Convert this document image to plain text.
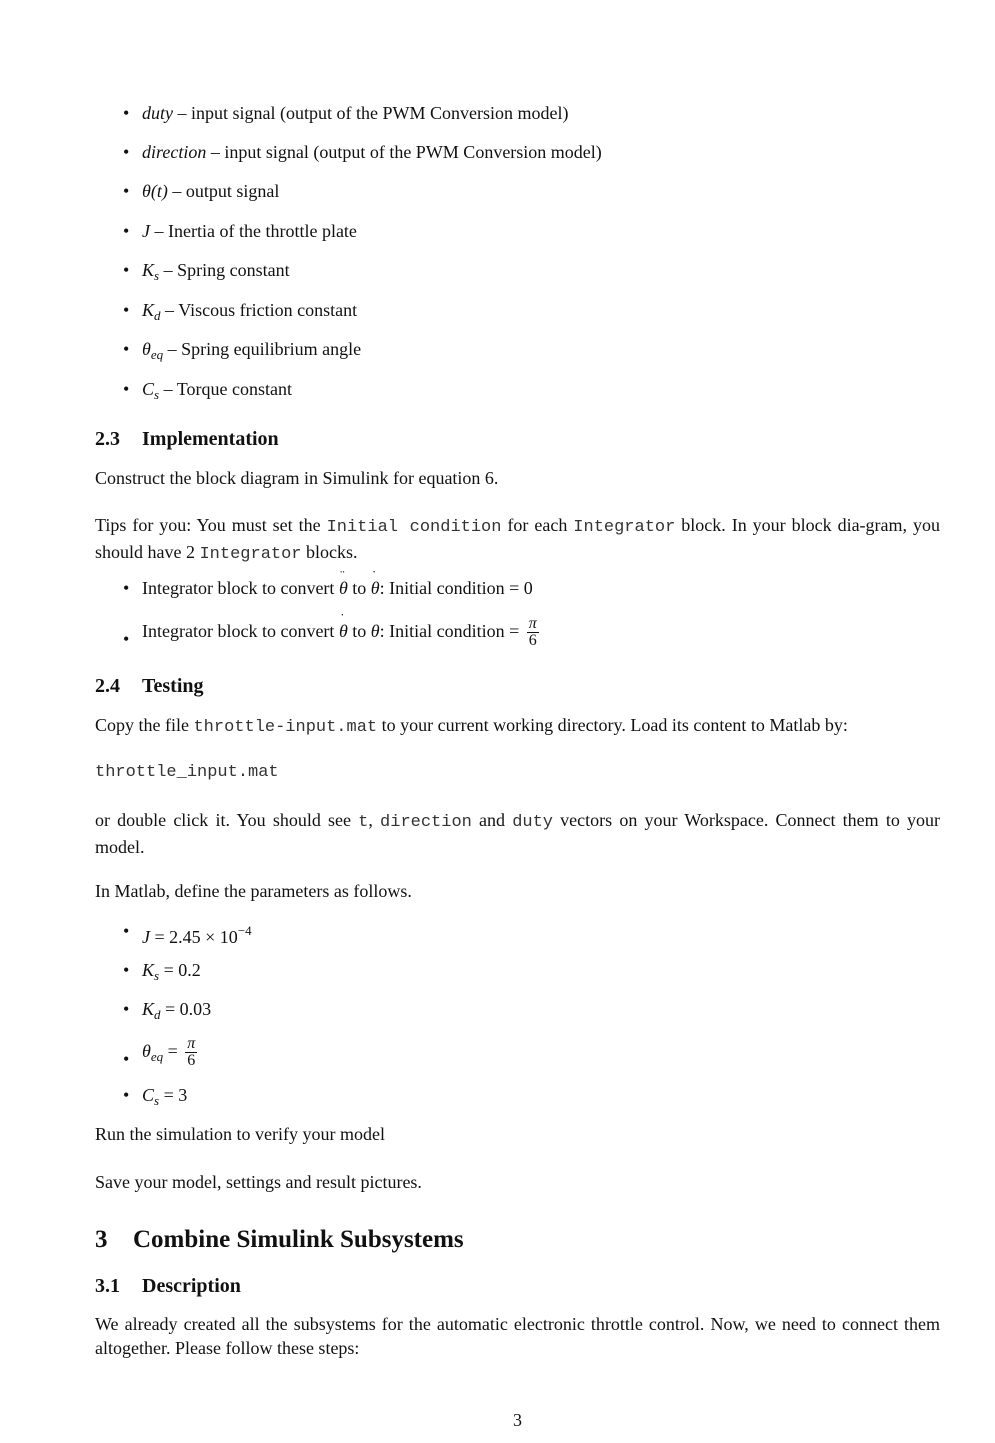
• duty – input signal (output of the PWM Conversion model)
• direction – input signal (output of the PWM Conversion model)
• θ(t) – output signal
• J – Inertia of the throttle plate
• $K_s$ – Spring constant
• $K_d$ – Viscous friction constant
• $\theta_{eq}$ – Spring equilibrium angle
• $C_s$ – Torque constant
2.3 Implementation
Construct the block diagram in Simulink for equation 6.
Tips for you: You must set the Initial condition for each Integrator block. In your block dia-gram, you should have 2 Integrator blocks.
• Integrator block to convert θ ¨ to θ ˙: Initial condition = 0
• Integrator block to convert θ ˙ to θ: Initial condition = $\frac{\pi}{6}$
2.4 Testing
Copy the file throttle-input.mat to your current working directory. Load its content to Matlab by:
throttle_input.mat
or double click it. You should see t, direction and duty vectors on your Workspace. Connect them to your model.
In Matlab, define the parameters as follows.
• $J = 2.45 \times 10^{-4}$
• $K_s = 0.2$
• $K_d = 0.03$
• $\theta_{eq} = \frac{\pi}{6}$
• $C_s = 3$
Run the simulation to verify your model
Save your model, settings and result pictures.
3 Combine Simulink Subsystems
3.1 Description
We already created all the subsystems for the automatic electronic throttle control. Now, we need to connect them altogether. Please follow these steps:
3
